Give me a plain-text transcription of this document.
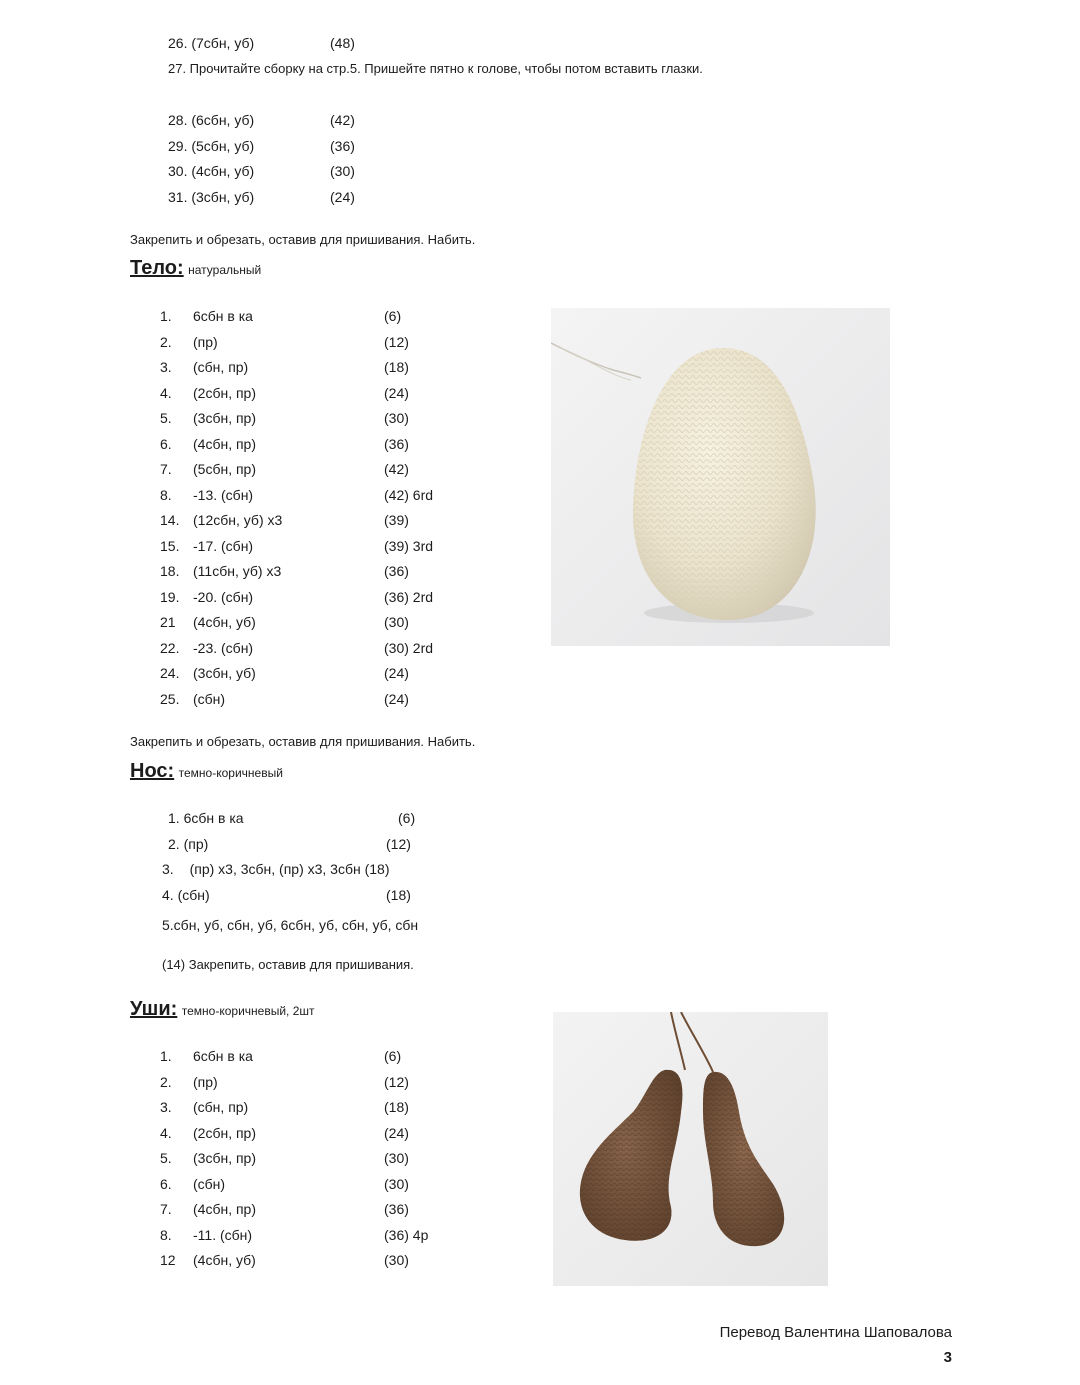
26. (7сбн, уб)	(48)
27. Прочитайте сборку на стр.5. Пришейте пятно к голове, чтобы потом вставить глазки.
28. (6сбн, уб)	(42)
29. (5сбн, уб)	(36)
30. (4сбн, уб)	(30)
31. (3сбн, уб)	(24)
Закрепить и обрезать, оставив для пришивания. Набить.
Тело: натуральный
1. 6сбн в ка	(6)
2. (пр)	(12)
3. (сбн, пр)	(18)
4. (2сбн, пр)	(24)
5. (3сбн, пр)	(30)
6. (4сбн, пр)	(36)
7. (5сбн, пр)	(42)
8. -13. (сбн)	(42) 6rd
14. (12сбн, уб) х3	(39)
15. -17. (сбн)	(39) 3rd
18. (11сбн, уб) х3	(36)
19. -20. (сбн)	(36) 2rd
21 (4сбн, уб)	(30)
22. -23. (сбн)	(30) 2rd
24. (3сбн, уб)	(24)
25. (сбн)	(24)
Закрепить и обрезать, оставив для пришивания. Набить.
Нос: темно-коричневый
1. 6сбн в ка	(6)
2. (пр)	(12)
3. (пр) х3, 3сбн, (пр) х3, 3сбн (18)
4. (сбн)	(18)
5.сбн, уб, сбн, уб, 6сбн, уб, сбн, уб, сбн
(14) Закрепить, оставив для пришивания.
Уши: темно-коричневый, 2шт
1. 6сбн в ка	(6)
2. (пр)	(12)
3. (сбн, пр)	(18)
4. (2сбн, пр)	(24)
5. (3сбн, пр)	(30)
6. (сбн)	(30)
7. (4сбн, пр)	(36)
8. -11. (сбн)	(36) 4р
12 (4сбн, уб)	(30)
Перевод Валентина Шаповалова
3
